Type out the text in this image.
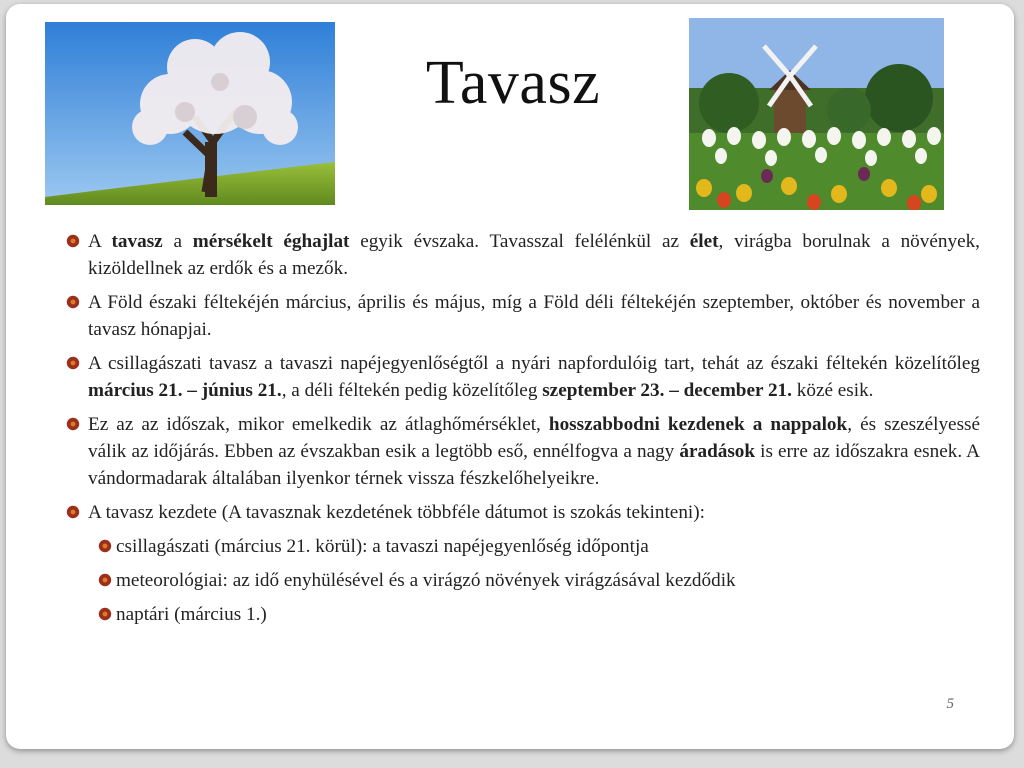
Tavasz
A tavasz a mérsékelt éghajlat egyik évszaka. Tavasszal felélénkül az élet, virágba borulnak a növények, kizöldellnek az erdők és a mezők.
A Föld északi féltekéjén március, április és május, míg a Föld déli féltekéjén szeptember, október és november a tavasz hónapjai.
A csillagászati tavasz a tavaszi napéjegyenlőségtől a nyári napfordulóig tart, tehát az északi féltekén közelítőleg március 21. – június 21., a déli féltekén pedig közelítőleg szeptember 23. – december 21. közé esik.
Ez az az időszak, mikor emelkedik az átlaghőmérséklet, hosszabbodni kezdenek a nappalok, és szeszélyessé válik az időjárás. Ebben az évszakban esik a legtöbb eső, ennélfogva a nagy áradások is erre az időszakra esnek. A vándormadarak általában ilyenkor térnek vissza fészkelőhelyeikre.
A tavasz kezdete (A tavasznak kezdetének többféle dátumot is szokás tekinteni):
csillagászati (március 21. körül): a tavaszi napéjegyenlőség időpontja
meteorológiai: az idő enyhülésével és a virágzó növények virágzásával kezdődik
naptári (március 1.)
5
